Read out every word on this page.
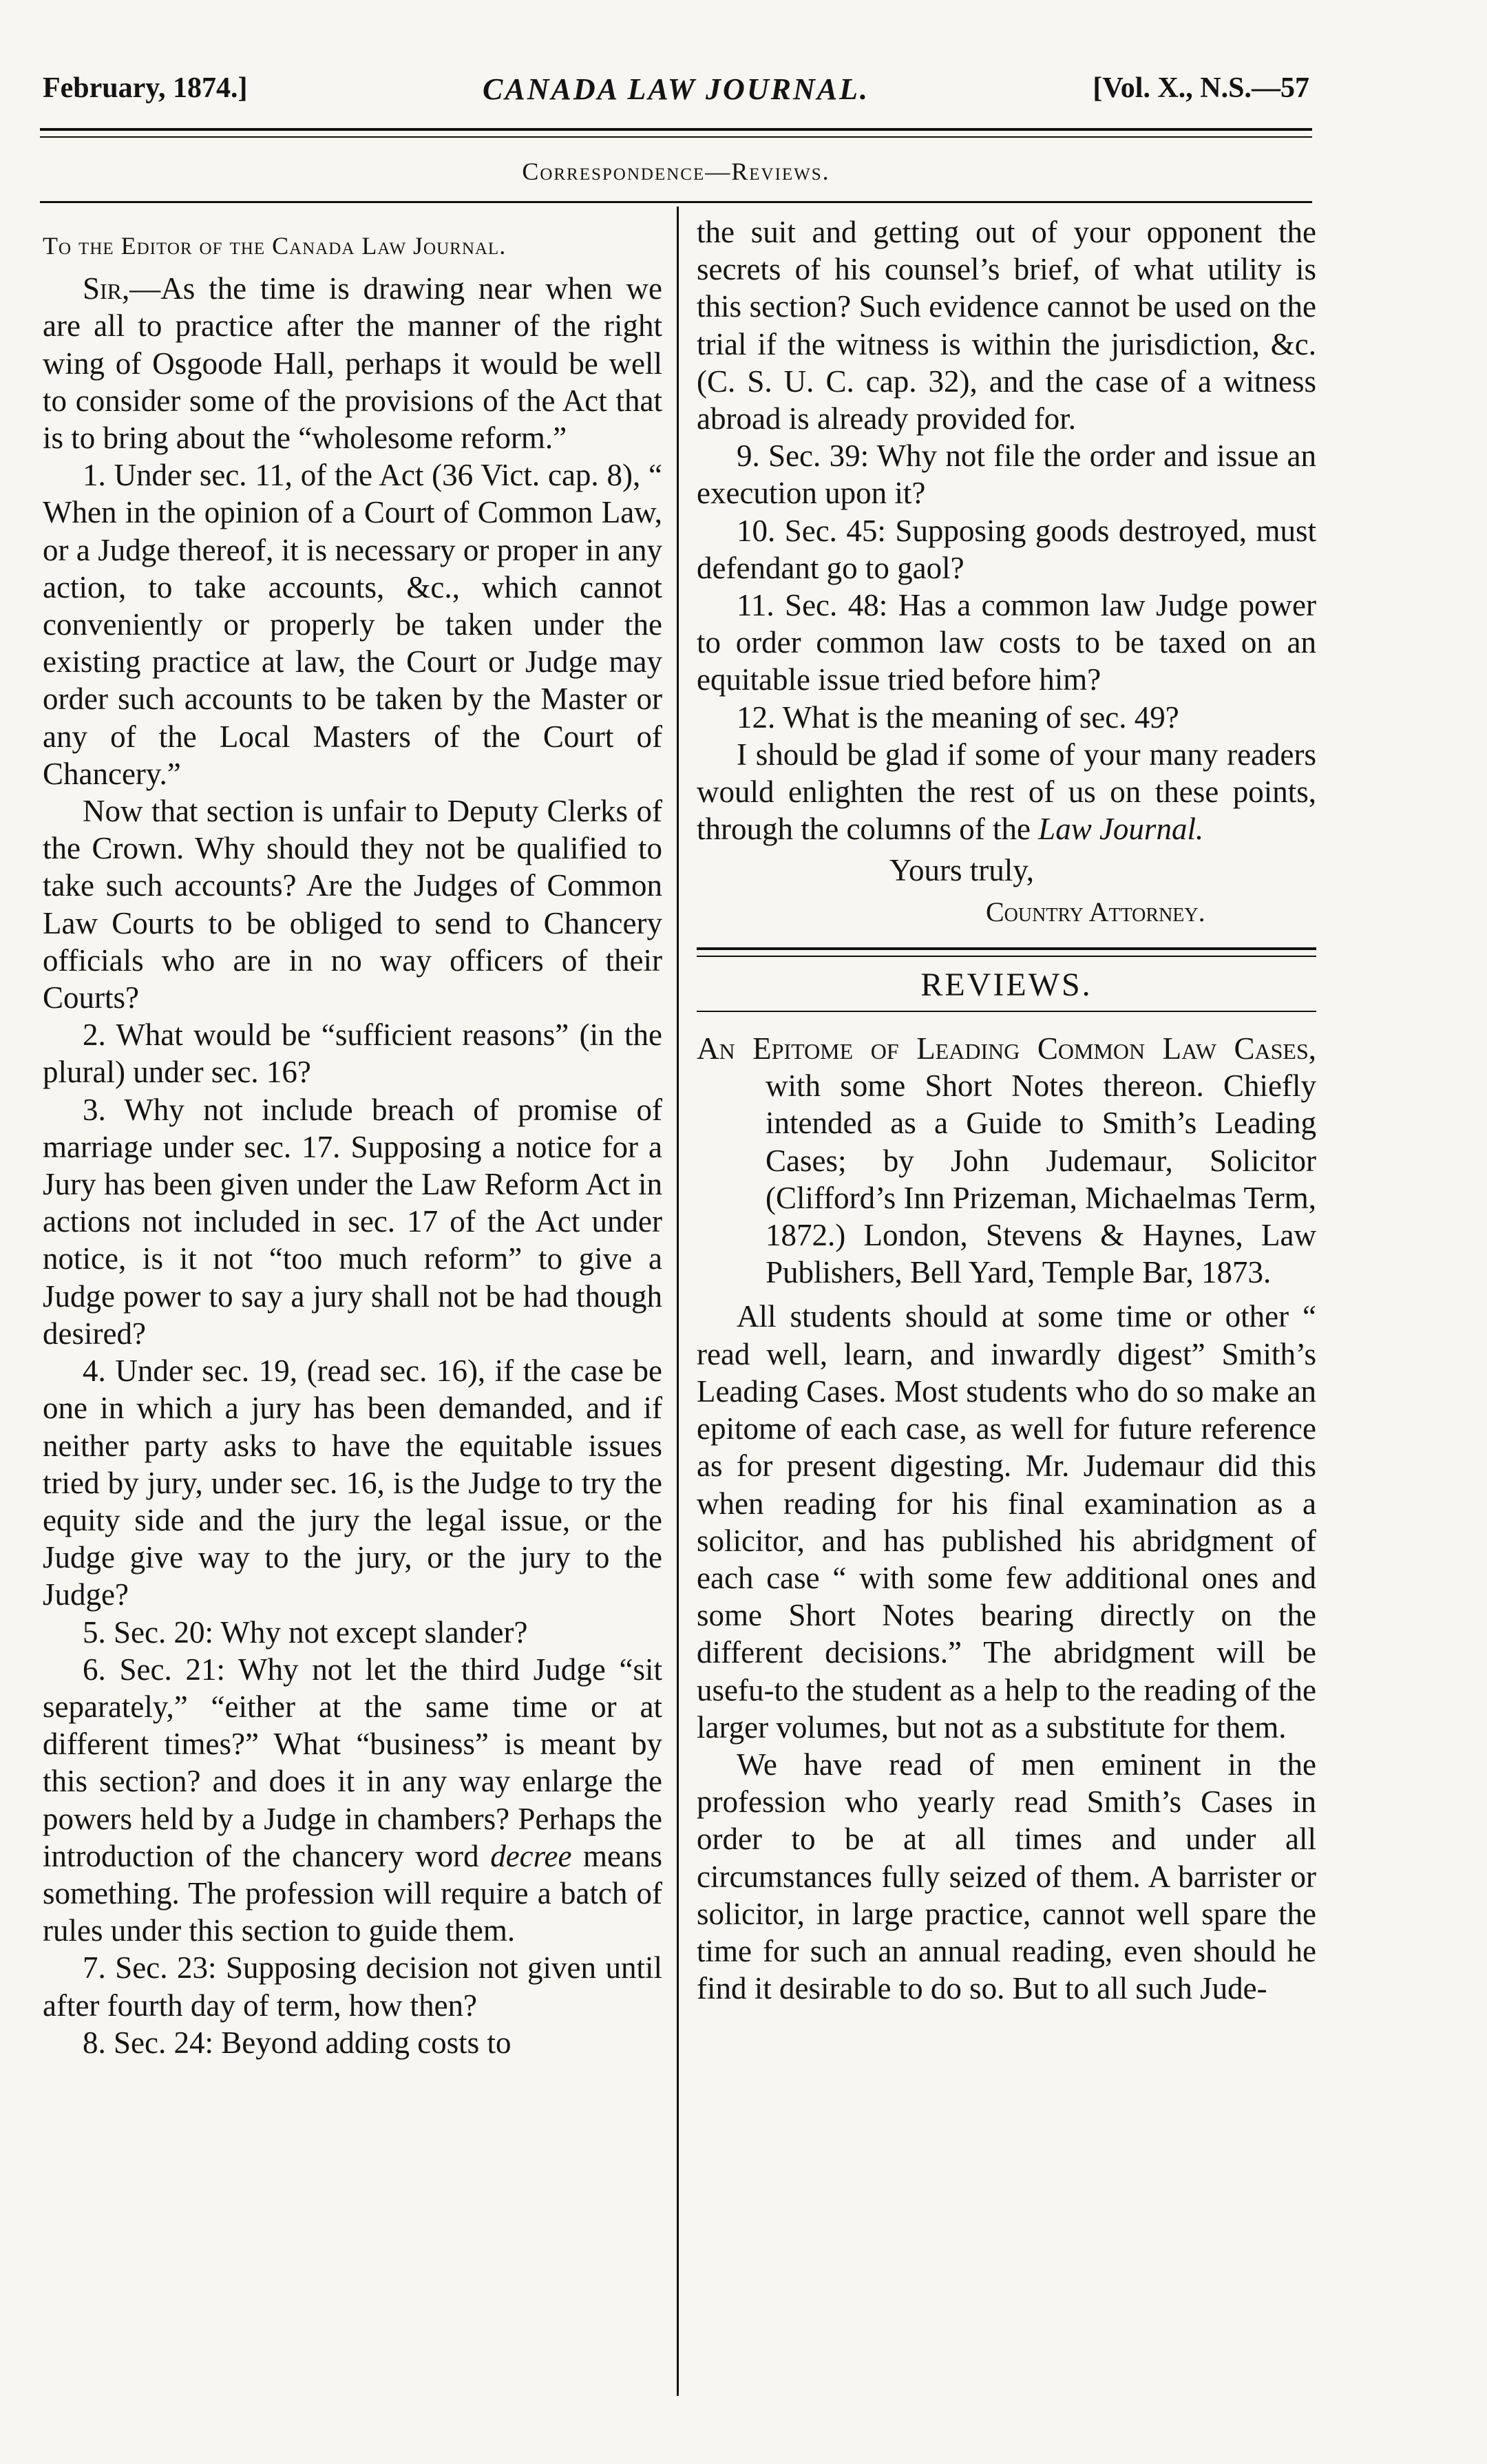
February, 1874.]	CANADA LAW JOURNAL.	[Vol. X., N.S.—57
Correspondence—Reviews.

To the Editor of the Canada Law Journal.

Sir,—As the time is drawing near when we are all to practice after the manner of the right wing of Osgoode Hall, perhaps it would be well to consider some of the provisions of the Act that is to bring about the “wholesome reform.”

1. Under sec. 11, of the Act (36 Vict. cap. 8), “ When in the opinion of a Court of Common Law, or a Judge thereof, it is necessary or proper in any action, to take accounts, &c., which cannot conveniently or properly be taken under the existing practice at law, the Court or Judge may order such accounts to be taken by the Master or any of the Local Masters of the Court of Chancery.”

Now that section is unfair to Deputy Clerks of the Crown. Why should they not be qualified to take such accounts? Are the Judges of Common Law Courts to be obliged to send to Chancery officials who are in no way officers of their Courts?

2. What would be “sufficient reasons” (in the plural) under sec. 16?

3. Why not include breach of promise of marriage under sec. 17. Supposing a notice for a Jury has been given under the Law Reform Act in actions not included in sec. 17 of the Act under notice, is it not “too much reform” to give a Judge power to say a jury shall not be had though desired?

4. Under sec. 19, (read sec. 16), if the case be one in which a jury has been demanded, and if neither party asks to have the equitable issues tried by jury, under sec. 16, is the Judge to try the equity side and the jury the legal issue, or the Judge give way to the jury, or the jury to the Judge?

5. Sec. 20: Why not except slander?

6. Sec. 21: Why not let the third Judge “sit separately,” “either at the same time or at different times?” What “business” is meant by this section? and does it in any way enlarge the powers held by a Judge in chambers? Perhaps the introduction of the chancery word decree means something. The profession will require a batch of rules under this section to guide them.

7. Sec. 23: Supposing decision not given until after fourth day of term, how then?

8. Sec. 24: Beyond adding costs to

the suit and getting out of your opponent the secrets of his counsel’s brief, of what utility is this section? Such evidence cannot be used on the trial if the witness is within the jurisdiction, &c. (C. S. U. C. cap. 32), and the case of a witness abroad is already provided for.

9. Sec. 39: Why not file the order and issue an execution upon it?

10. Sec. 45: Supposing goods destroyed, must defendant go to gaol?

11. Sec. 48: Has a common law Judge power to order common law costs to be taxed on an equitable issue tried before him?

12. What is the meaning of sec. 49?

I should be glad if some of your many readers would enlighten the rest of us on these points, through the columns of the Law Journal.

Yours truly,
Country Attorney.
REVIEWS.

An Epitome of Leading Common Law Cases, with some Short Notes thereon. Chiefly intended as a Guide to Smith’s Leading Cases; by John Judemaur, Solicitor (Clifford’s Inn Prizeman, Michaelmas Term, 1872.) London, Stevens & Haynes, Law Publishers, Bell Yard, Temple Bar, 1873.

All students should at some time or other “ read well, learn, and inwardly digest” Smith’s Leading Cases. Most students who do so make an epitome of each case, as well for future reference as for present digesting. Mr. Judemaur did this when reading for his final examination as a solicitor, and has published his abridgment of each case “ with some few additional ones and some Short Notes bearing directly on the different decisions.” The abridgment will be usefu-to the student as a help to the reading of the larger volumes, but not as a substitute for them.

We have read of men eminent in the profession who yearly read Smith’s Cases in order to be at all times and under all circumstances fully seized of them. A barrister or solicitor, in large practice, cannot well spare the time for such an annual reading, even should he find it desirable to do so. But to all such Jude-
